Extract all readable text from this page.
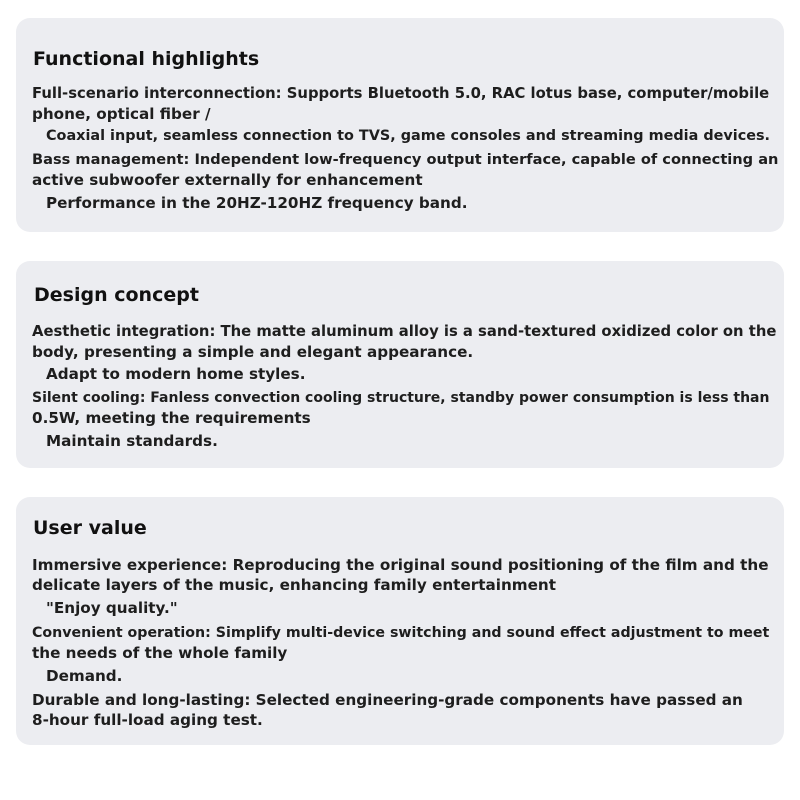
Functional highlights
Full-scenario interconnection: Supports Bluetooth 5.0, RAC lotus base, computer/mobile
phone, optical fiber /
Coaxial input, seamless connection to TVS, game consoles and streaming media devices.
Bass management: Independent low-frequency output interface, capable of connecting an
active subwoofer externally for enhancement
Performance in the 20HZ-120HZ frequency band.
Design concept
Aesthetic integration: The matte aluminum alloy is a sand-textured oxidized color on the
body, presenting a simple and elegant appearance.
Adapt to modern home styles.
Silent cooling: Fanless convection cooling structure, standby power consumption is less than
0.5W, meeting the requirements
Maintain standards.
User value
Immersive experience: Reproducing the original sound positioning of the film and the
delicate layers of the music, enhancing family entertainment
"Enjoy quality."
Convenient operation: Simplify multi-device switching and sound effect adjustment to meet
the needs of the whole family
Demand.
Durable and long-lasting: Selected engineering-grade components have passed an
8-hour full-load aging test.
